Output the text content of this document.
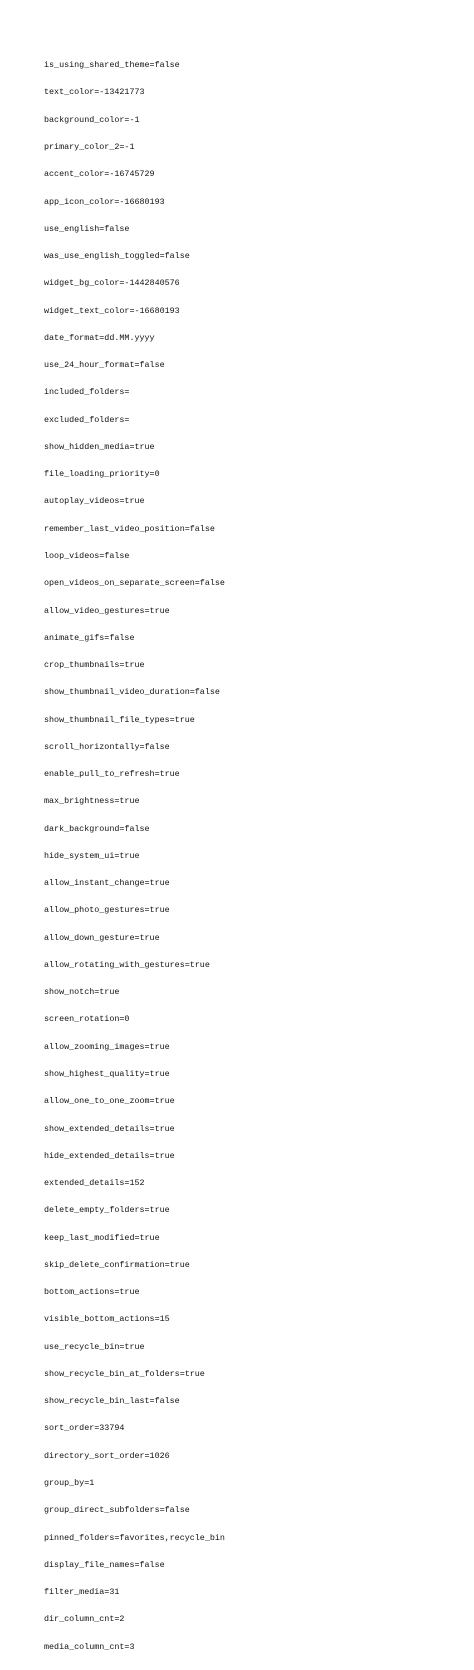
is_using_shared_theme=false

text_color=-13421773

background_color=-1

primary_color_2=-1

accent_color=-16745729

app_icon_color=-16680193

use_english=false

was_use_english_toggled=false

widget_bg_color=-1442840576

widget_text_color=-16680193

date_format=dd.MM.yyyy

use_24_hour_format=false

included_folders=

excluded_folders=

show_hidden_media=true

file_loading_priority=0

autoplay_videos=true

remember_last_video_position=false

loop_videos=false

open_videos_on_separate_screen=false

allow_video_gestures=true

animate_gifs=false

crop_thumbnails=true

show_thumbnail_video_duration=false

show_thumbnail_file_types=true

scroll_horizontally=false

enable_pull_to_refresh=true

max_brightness=true

dark_background=false

hide_system_ui=true

allow_instant_change=true

allow_photo_gestures=true

allow_down_gesture=true

allow_rotating_with_gestures=true

show_notch=true

screen_rotation=0

allow_zooming_images=true

show_highest_quality=true

allow_one_to_one_zoom=true

show_extended_details=true

hide_extended_details=true

extended_details=152

delete_empty_folders=true

keep_last_modified=true

skip_delete_confirmation=true

bottom_actions=true

visible_bottom_actions=15

use_recycle_bin=true

show_recycle_bin_at_folders=true

show_recycle_bin_last=false

sort_order=33794

directory_sort_order=1026

group_by=1

group_direct_subfolders=false

pinned_folders=favorites,recycle_bin

display_file_names=false

filter_media=31

dir_column_cnt=2

media_column_cnt=3
